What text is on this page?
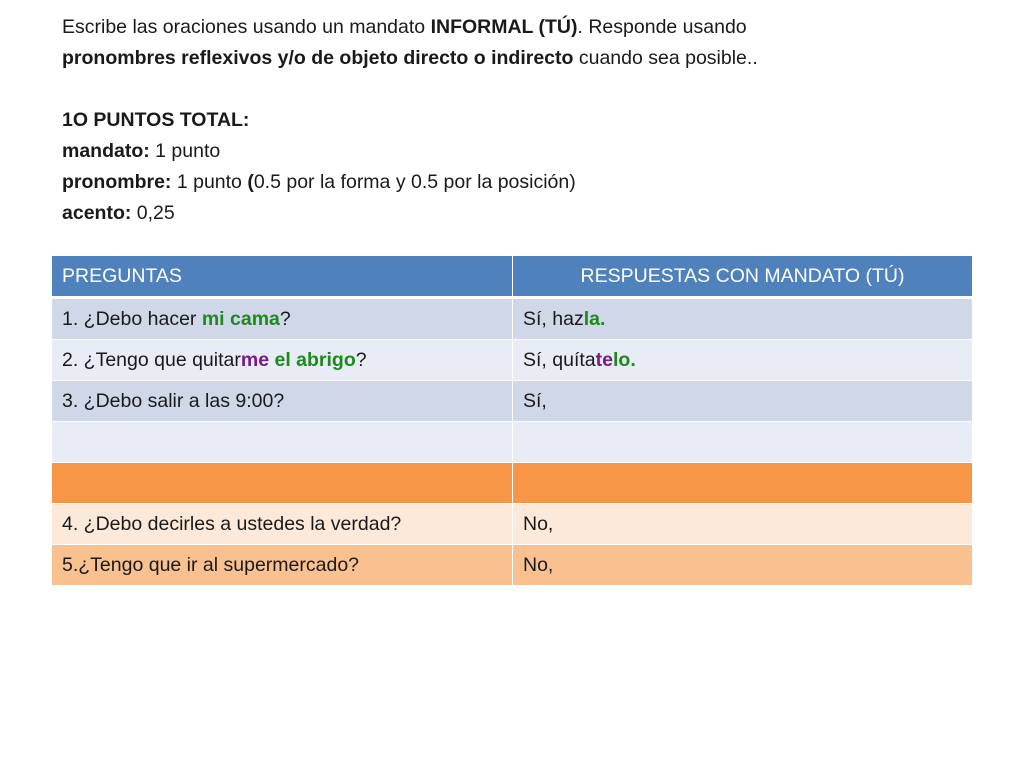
Escribe las oraciones usando un mandato INFORMAL (TÚ). Responde usando

pronombres reflexivos y/o de objeto directo o indirecto cuando sea posible..

1O PUNTOS TOTAL:

mandato: 1 punto

pronombre: 1 punto (0.5 por la forma y 0.5 por la posición)

acento: 0,25

PREGUNTAS	RESPUESTAS CON MANDATO (TÚ)
1. ¿Debo hacer mi cama?	Sí, hazla.
2. ¿Tengo que quitarme el abrigo?	Sí, quítatelo.
3. ¿Debo salir a las 9:00?	Sí,

4. ¿Debo decirles a ustedes la verdad?	No,
5.¿Tengo que ir al supermercado?	No,
